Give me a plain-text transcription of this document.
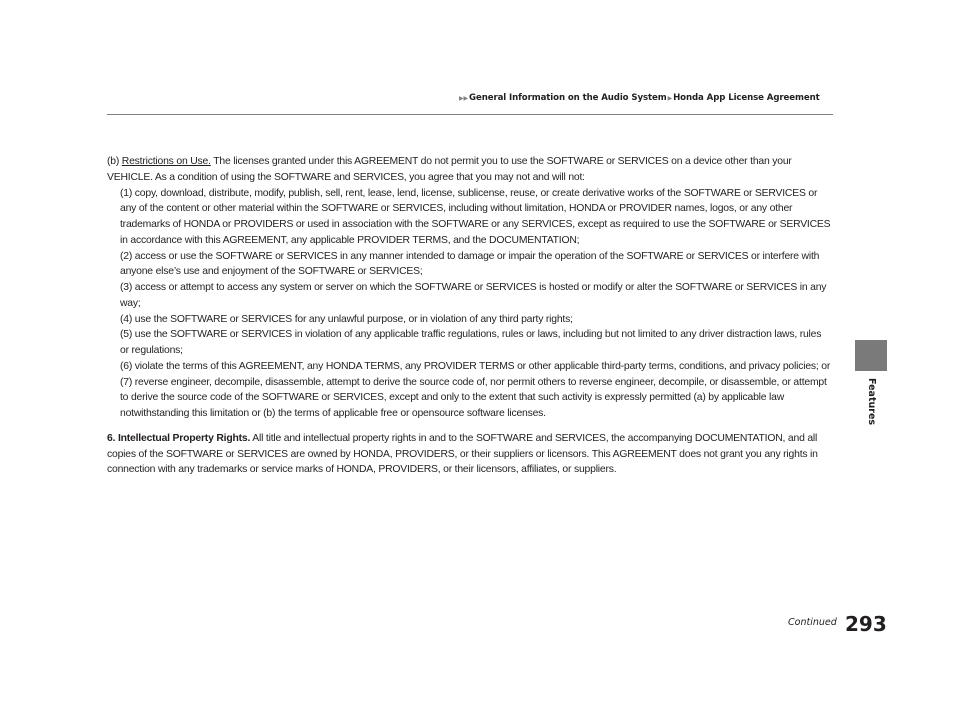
▶▶ General Information on the Audio System ▶ Honda App License Agreement
Features

(b) Restrictions on Use. The licenses granted under this AGREEMENT do not permit you to use the SOFTWARE or SERVICES on a device other than your VEHICLE. As a condition of using the SOFTWARE and SERVICES, you agree that you may not and will not:

(1) copy, download, distribute, modify, publish, sell, rent, lease, lend, license, sublicense, reuse, or create derivative works of the SOFTWARE or SERVICES or any of the content or other material within the SOFTWARE or SERVICES, including without limitation, HONDA or PROVIDER names, logos, or any other trademarks of HONDA or PROVIDERS or used in association with the SOFTWARE or any SERVICES, except as required to use the SOFTWARE or SERVICES in accordance with this AGREEMENT, any applicable PROVIDER TERMS, and the DOCUMENTATION;

(2) access or use the SOFTWARE or SERVICES in any manner intended to damage or impair the operation of the SOFTWARE or SERVICES or interfere with anyone else’s use and enjoyment of the SOFTWARE or SERVICES;

(3) access or attempt to access any system or server on which the SOFTWARE or SERVICES is hosted or modify or alter the SOFTWARE or SERVICES in any way;

(4) use the SOFTWARE or SERVICES for any unlawful purpose, or in violation of any third party rights;

(5) use the SOFTWARE or SERVICES in violation of any applicable traffic regulations, rules or laws, including but not limited to any driver distraction laws, rules or regulations;

(6) violate the terms of this AGREEMENT, any HONDA TERMS, any PROVIDER TERMS or other applicable third-party terms, conditions, and privacy policies; or

(7) reverse engineer, decompile, disassemble, attempt to derive the source code of, nor permit others to reverse engineer, decompile, or disassemble, or attempt to derive the source code of the SOFTWARE or SERVICES, except and only to the extent that such activity is expressly permitted (a) by applicable law notwithstanding this limitation or (b) the terms of applicable free or opensource software licenses.

6. Intellectual Property Rights. All title and intellectual property rights in and to the SOFTWARE and SERVICES, the accompanying DOCUMENTATION, and all copies of the SOFTWARE or SERVICES are owned by HONDA, PROVIDERS, or their suppliers or licensors. This AGREEMENT does not grant you any rights in connection with any trademarks or service marks of HONDA, PROVIDERS, or their licensors, affiliates, or suppliers.

Continued 293
